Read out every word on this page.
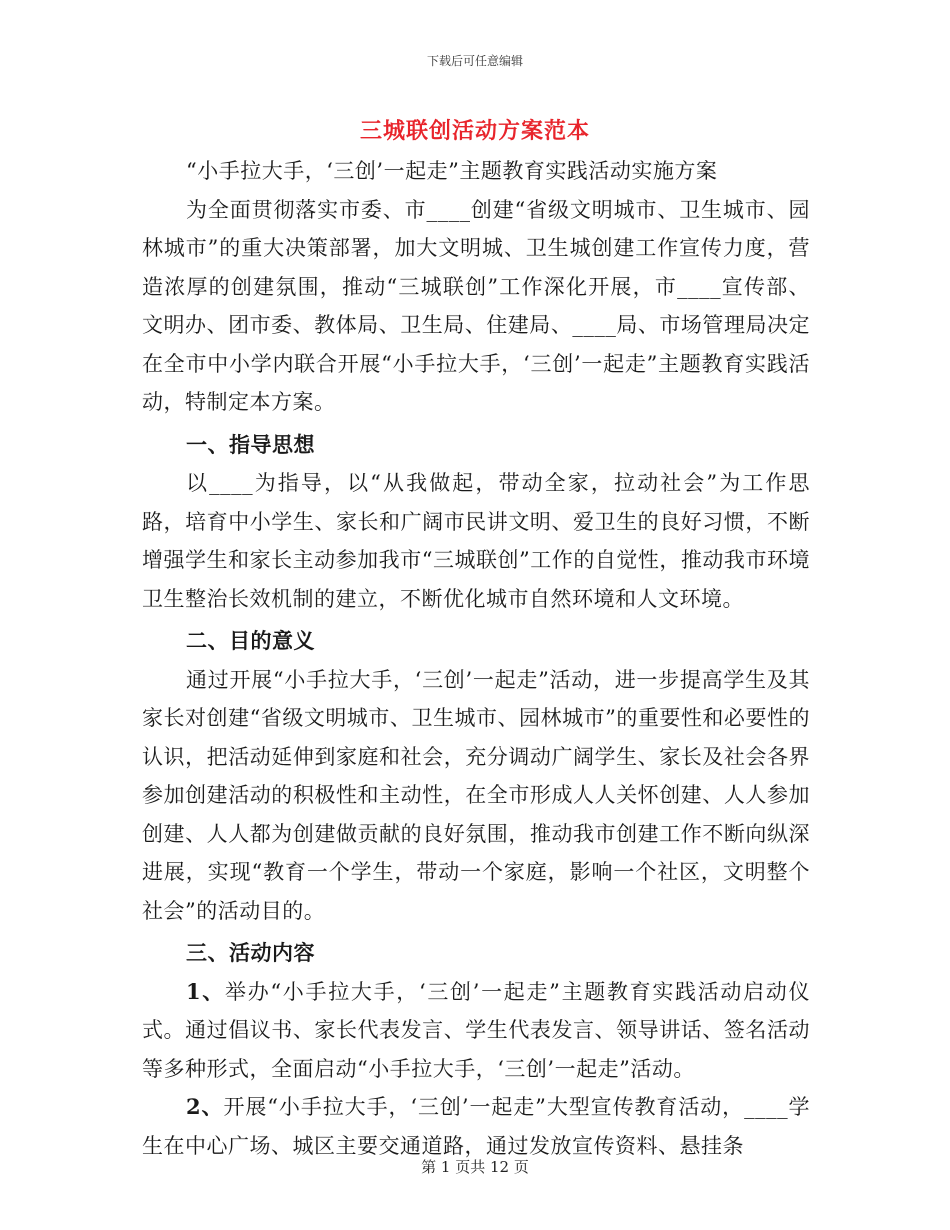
下载后可任意编辑
三城联创活动方案范本

“小手拉大手，‘三创’一起走”主题教育实践活动实施方案

为全面贯彻落实市委、市____创建“省级文明城市、卫生城市、园林城市”的重大决策部署，加大文明城、卫生城创建工作宣传力度，营造浓厚的创建氛围，推动“三城联创”工作深化开展，市____宣传部、文明办、团市委、教体局、卫生局、住建局、____局、市场管理局决定在全市中小学内联合开展“小手拉大手，‘三创’一起走”主题教育实践活动，特制定本方案。

一、指导思想

以____为指导，以“从我做起，带动全家，拉动社会”为工作思路，培育中小学生、家长和广阔市民讲文明、爱卫生的良好习惯，不断增强学生和家长主动参加我市“三城联创”工作的自觉性，推动我市环境卫生整治长效机制的建立，不断优化城市自然环境和人文环境。

二、目的意义

通过开展“小手拉大手，‘三创’一起走”活动，进一步提高学生及其家长对创建“省级文明城市、卫生城市、园林城市”的重要性和必要性的认识，把活动延伸到家庭和社会，充分调动广阔学生、家长及社会各界参加创建活动的积极性和主动性，在全市形成人人关怀创建、人人参加创建、人人都为创建做贡献的良好氛围，推动我市创建工作不断向纵深进展，实现“教育一个学生，带动一个家庭，影响一个社区，文明整个社会”的活动目的。

三、活动内容

1、举办“小手拉大手，‘三创’一起走”主题教育实践活动启动仪式。通过倡议书、家长代表发言、学生代表发言、领导讲话、签名活动等多种形式，全面启动“小手拉大手，‘三创’一起走”活动。

2、开展“小手拉大手，‘三创’一起走”大型宣传教育活动，____学生在中心广场、城区主要交通道路，通过发放宣传资料、悬挂条

第 1 页共 12 页
